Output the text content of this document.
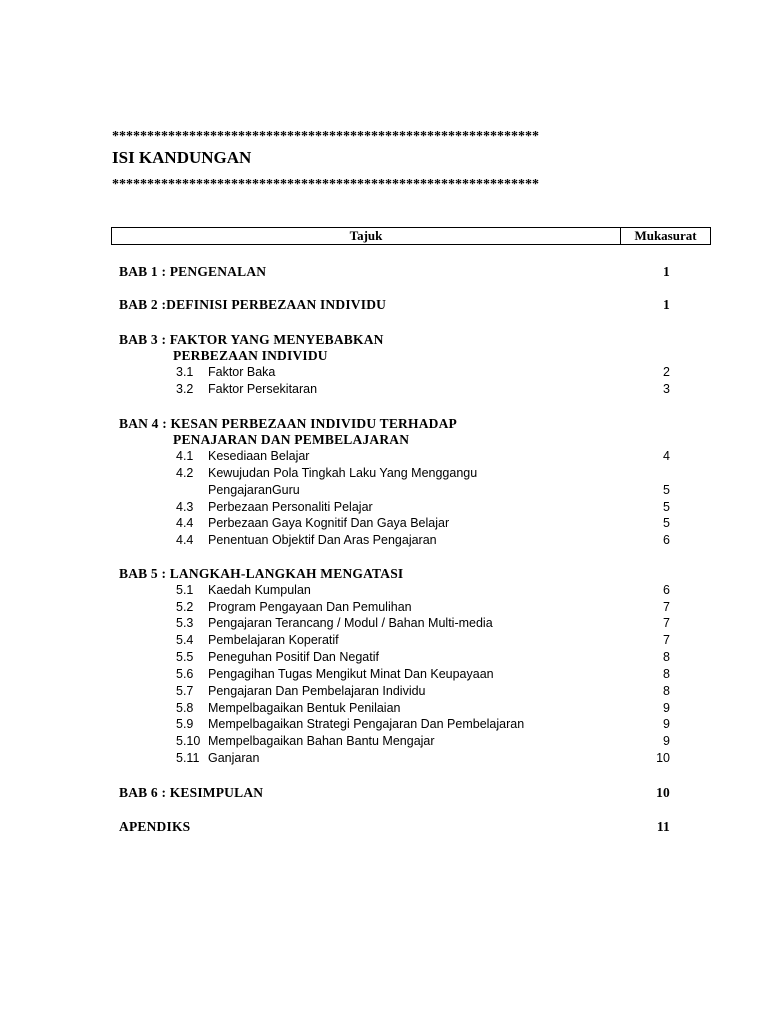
*************************************************************
ISI KANDUNGAN
*************************************************************
Tajuk	Mukasurat
BAB 1 : PENGENALAN	1
BAB 2 :DEFINISI PERBEZAAN INDIVIDU	1
BAB 3 : FAKTOR YANG MENYEBABKAN
PERBEZAAN INDIVIDU
3.1 Faktor Baka	2
3.2 Faktor Persekitaran	3
BAN 4 : KESAN PERBEZAAN INDIVIDU TERHADAP
PENAJARAN DAN PEMBELAJARAN
4.1 Kesediaan Belajar	4
4.2 Kewujudan Pola Tingkah Laku Yang Menggangu
PengajaranGuru	5
4.3 Perbezaan Personaliti Pelajar	5
4.4 Perbezaan Gaya Kognitif Dan Gaya Belajar	5
4.4 Penentuan Objektif Dan Aras Pengajaran	6
BAB 5 : LANGKAH-LANGKAH MENGATASI
5.1 Kaedah Kumpulan	6
5.2 Program Pengayaan Dan Pemulihan	7
5.3 Pengajaran Terancang / Modul / Bahan Multi-media	7
5.4 Pembelajaran Koperatif	7
5.5 Peneguhan Positif Dan Negatif	8
5.6 Pengagihan Tugas Mengikut Minat Dan Keupayaan	8
5.7 Pengajaran Dan Pembelajaran Individu	8
5.8 Mempelbagaikan Bentuk Penilaian	9
5.9 Mempelbagaikan Strategi Pengajaran Dan Pembelajaran	9
5.10 Mempelbagaikan Bahan Bantu Mengajar	9
5.11 Ganjaran	10
BAB 6 : KESIMPULAN	10
APENDIKS	11
